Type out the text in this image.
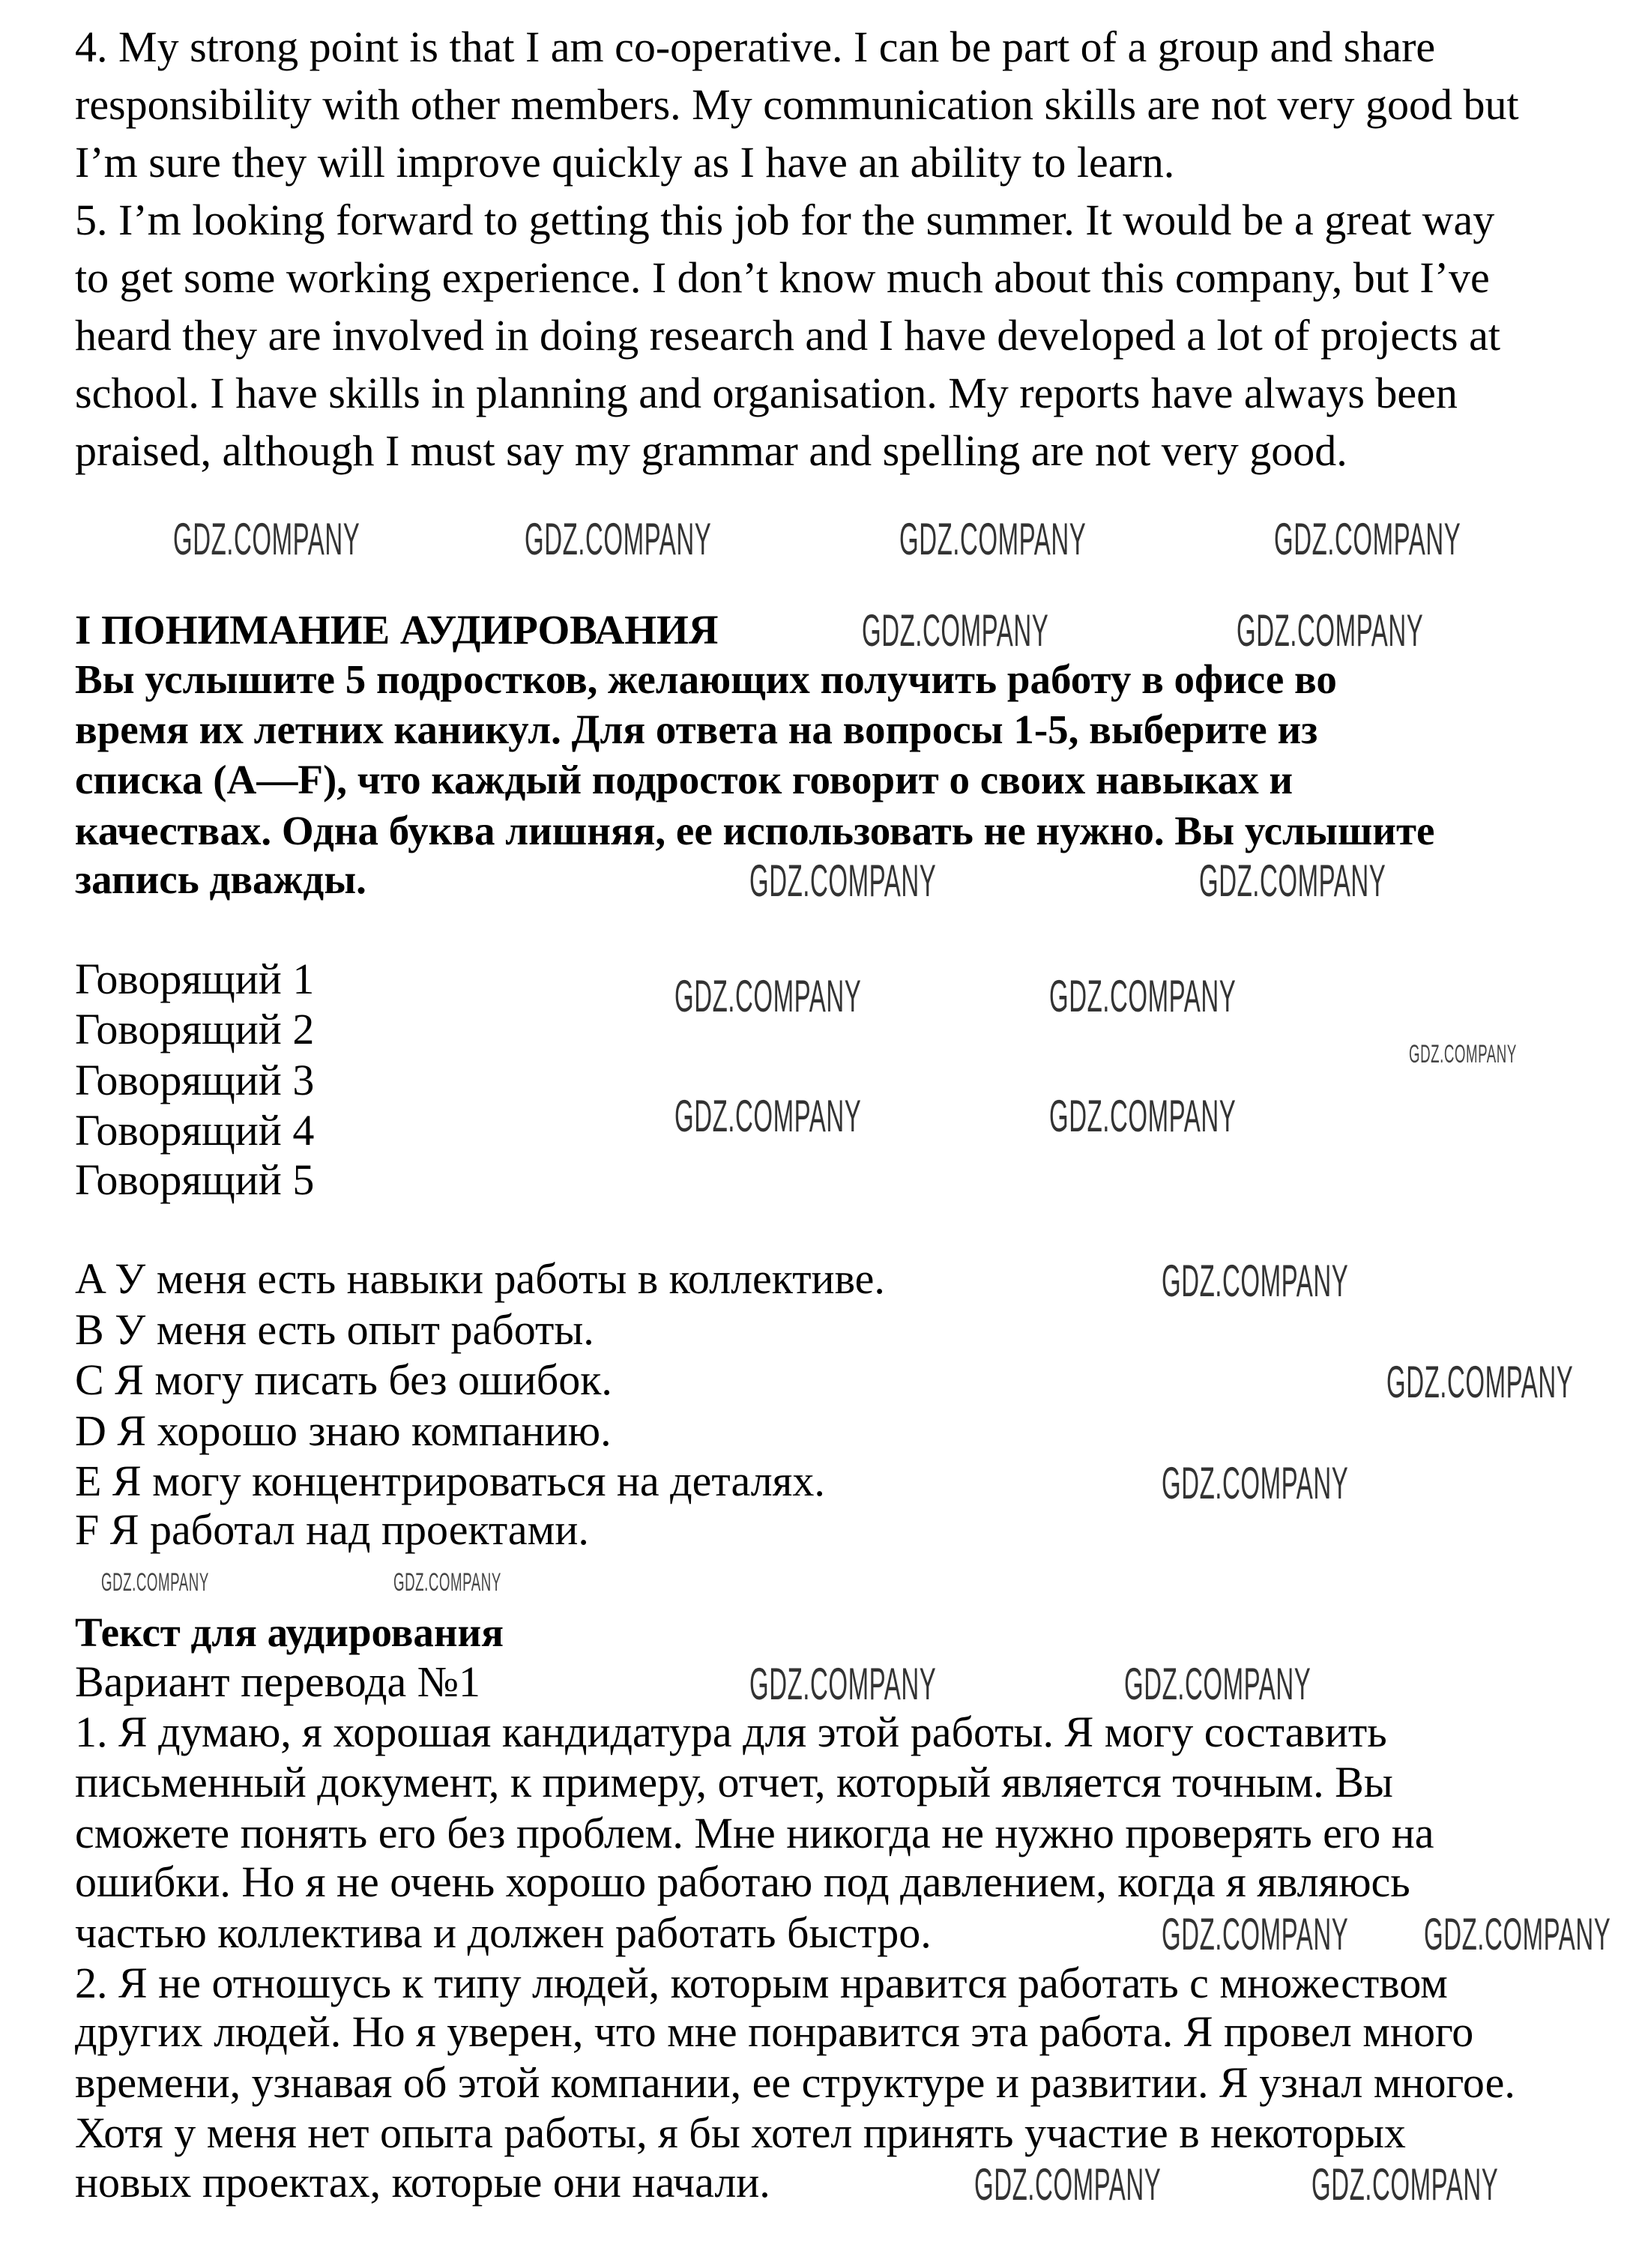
4. My strong point is that I am co-operative. I can be part of a group and share
responsibility with other members. My communication skills are not very good but
I’m sure they will improve quickly as I have an ability to learn.
5. I’m looking forward to getting this job for the summer. It would be a great way
to get some working experience. I don’t know much about this company, but I’ve
heard they are involved in doing research and I have developed a lot of projects at
school. I have skills in planning and organisation. My reports have always been
praised, although I must say my grammar and spelling are not very good.
I ПОНИМАНИЕ АУДИРОВАНИЯ
Вы услышите 5 подростков, желающих получить работу в офисе во
время их летних каникул. Для ответа на вопросы 1-5, выберите из
списка (A—F), что каждый подросток говорит о своих навыках и
качествах. Одна буква лишняя, ее использовать не нужно. Вы услышите
запись дважды.
Говорящий 1
Говорящий 2
Говорящий 3
Говорящий 4
Говорящий 5
A У меня есть навыки работы в коллективе.
B У меня есть опыт работы.
C Я могу писать без ошибок.
D Я хорошо знаю компанию.
E Я могу концентрироваться на деталях.
F Я работал над проектами.
Текст для аудирования
Вариант перевода №1
1. Я думаю, я хорошая кандидатура для этой работы. Я могу составить
письменный документ, к примеру, отчет, который является точным. Вы
сможете понять его без проблем. Мне никогда не нужно проверять его на
ошибки. Но я не очень хорошо работаю под давлением, когда я являюсь
частью коллектива и должен работать быстро.
2. Я не отношусь к типу людей, которым нравится работать с множеством
других людей. Но я уверен, что мне понравится эта работа. Я провел много
времени, узнавая об этой компании, ее структуре и развитии. Я узнал многое.
Хотя у меня нет опыта работы, я бы хотел принять участие в некоторых
новых проектах, которые они начали.
GDZ.COMPANY	GDZ.COMPANY	GDZ.COMPANY	GDZ.COMPANY
GDZ.COMPANY	GDZ.COMPANY
GDZ.COMPANY	GDZ.COMPANY
GDZ.COMPANY	GDZ.COMPANY
GDZ.COMPANY	GDZ.COMPANY
GDZ.COMPANY
GDZ.COMPANY
GDZ.COMPANY
GDZ.COMPANY
GDZ.COMPANY	GDZ.COMPANY
GDZ.COMPANY	GDZ.COMPANY
GDZ.COMPANY GDZ.COMPANY
GDZ.COMPANY	GDZ.COMPANY
